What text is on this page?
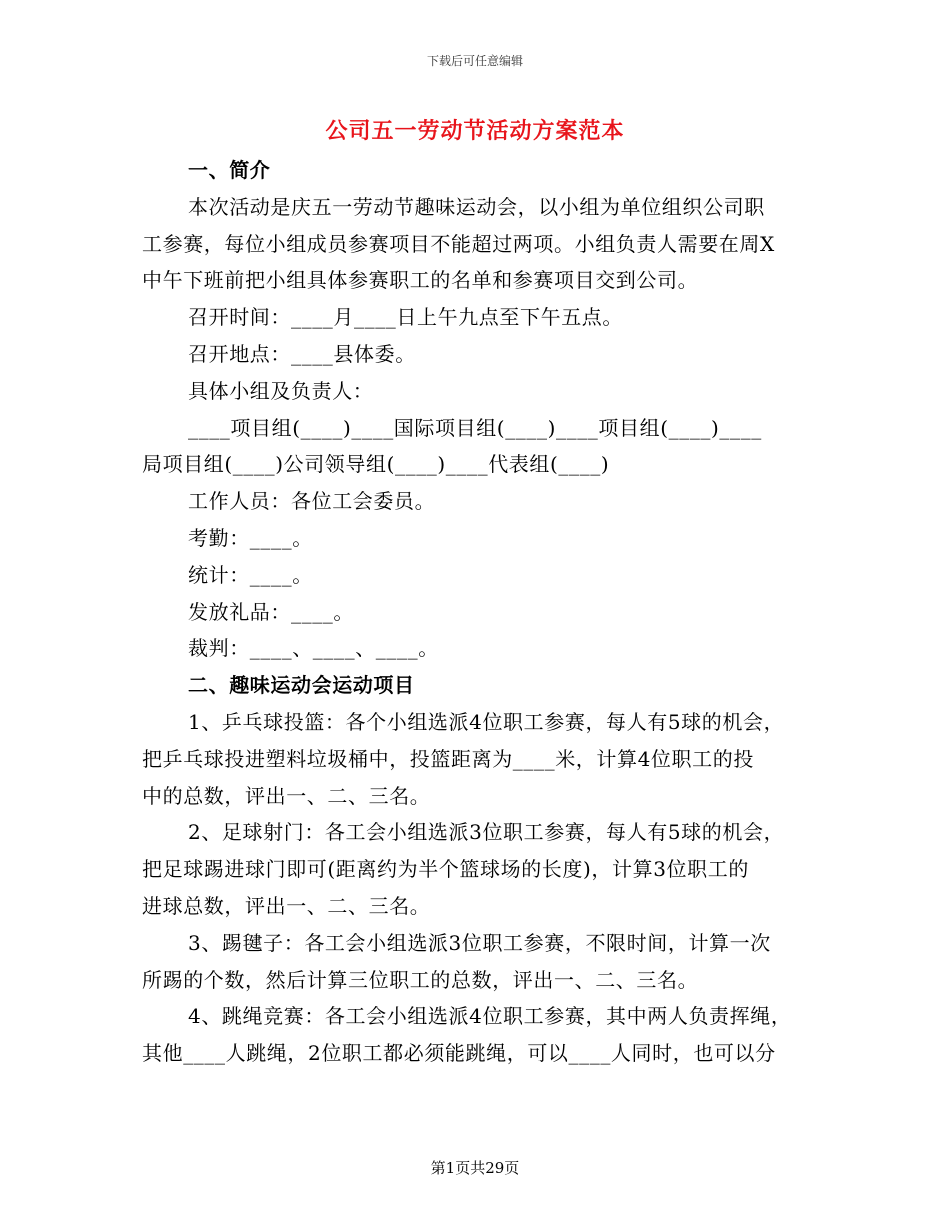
下载后可任意编辑
公司五一劳动节活动方案范本
一、简介
本次活动是庆五一劳动节趣味运动会，以小组为单位组织公司职
工参赛，每位小组成员参赛项目不能超过两项。小组负责人需要在周X
中午下班前把小组具体参赛职工的名单和参赛项目交到公司。
召开时间：____月____日上午九点至下午五点。
召开地点：____县体委。
具体小组及负责人：
____项目组(____)____国际项目组(____)____项目组(____)____
局项目组(____)公司领导组(____)____代表组(____)
工作人员：各位工会委员。
考勤：____。
统计：____。
发放礼品：____。
裁判：____、____、____。
二、趣味运动会运动项目
1、乒乓球投篮：各个小组选派4位职工参赛，每人有5球的机会，
把乒乓球投进塑料垃圾桶中，投篮距离为____米，计算4位职工的投
中的总数，评出一、二、三名。
2、足球射门：各工会小组选派3位职工参赛，每人有5球的机会，
把足球踢进球门即可(距离约为半个篮球场的长度)，计算3位职工的
进球总数，评出一、二、三名。
3、踢毽子：各工会小组选派3位职工参赛，不限时间，计算一次
所踢的个数，然后计算三位职工的总数，评出一、二、三名。
4、跳绳竞赛：各工会小组选派4位职工参赛，其中两人负责挥绳，
其他____人跳绳，2位职工都必须能跳绳，可以____人同时，也可以分
第1页共29页
